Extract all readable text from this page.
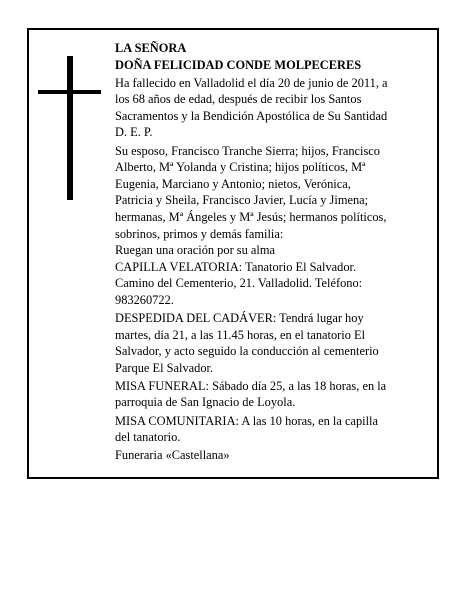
LA SEÑORA
DOÑA FELICIDAD CONDE MOLPECERES
Ha fallecido en Valladolid el día 20 de junio de 2011, a
los 68 años de edad, después de recibir los Santos
Sacramentos y la Bendición Apostólica de Su Santidad
D. E. P.
Su esposo, Francisco Tranche Sierra; hijos, Francisco
Alberto, Mª Yolanda y Cristina; hijos políticos, Mª
Eugenia, Marciano y Antonio; nietos, Verónica,
Patricia y Sheila, Francisco Javier, Lucía y Jimena;
hermanas, Mª Ángeles y Mª Jesús; hermanos políticos,
sobrinos, primos y demás familia:
Ruegan una oración por su alma
CAPILLA VELATORIA: Tanatorio El Salvador.
Camino del Cementerio, 21. Valladolid. Teléfono:
983260722.
DESPEDIDA DEL CADÁVER: Tendrá lugar hoy
martes, día 21, a las 11.45 horas, en el tanatorio El
Salvador, y acto seguido la conducción al cementerio
Parque El Salvador.
MISA FUNERAL: Sábado día 25, a las 18 horas, en la
parroquia de San Ignacio de Loyola.
MISA COMUNITARIA: A las 10 horas, en la capilla
del tanatorio.
Funeraria «Castellana»
